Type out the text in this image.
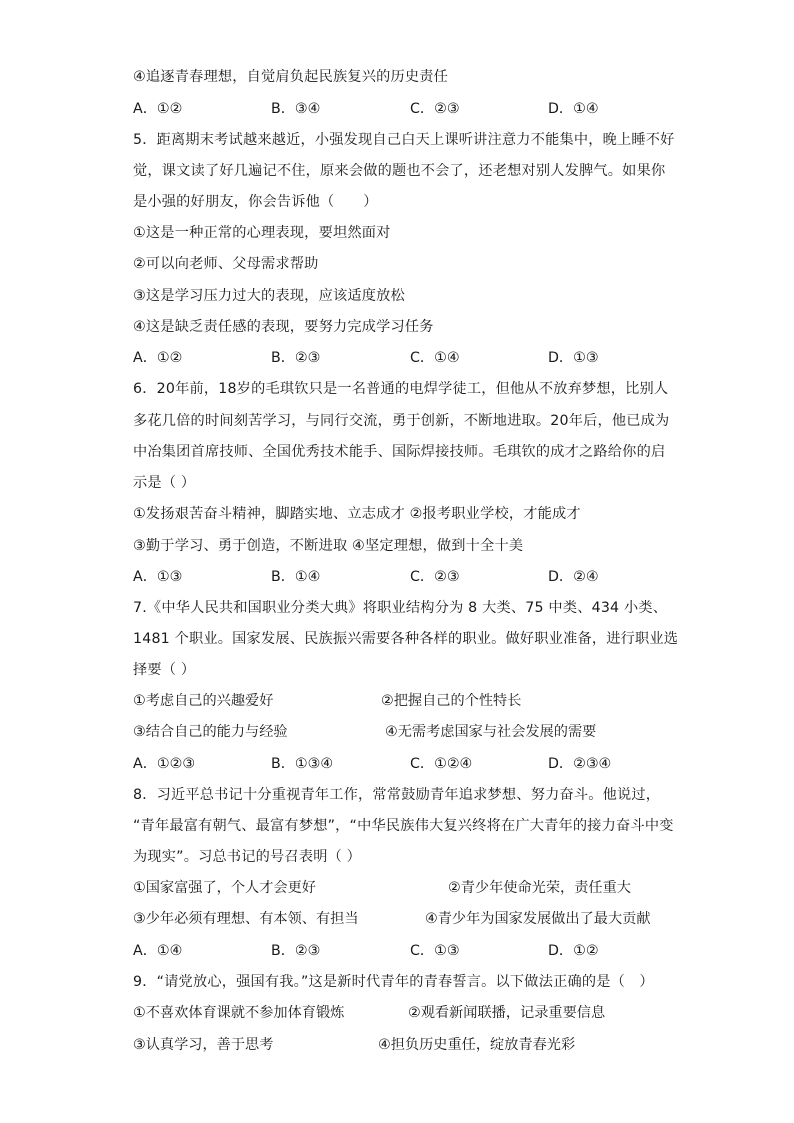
④追逐青春理想，自觉肩负起民族复兴的历史责任
A．①②	B．③④	C．②③	D．①④
5．距离期末考试越来越近，小强发现自己白天上课听讲注意力不能集中，晚上睡不好
觉，课文读了好几遍记不住，原来会做的题也不会了，还老想对别人发脾气。如果你
是小强的好朋友，你会告诉他（　　）
①这是一种正常的心理表现，要坦然面对
②可以向老师、父母需求帮助
③这是学习压力过大的表现，应该适度放松
④这是缺乏责任感的表现，要努力完成学习任务
A．①②	B．②③	C．①④	D．①③
6．20年前，18岁的毛琪钦只是一名普通的电焊学徒工，但他从不放弃梦想，比别人
多花几倍的时间刻苦学习，与同行交流，勇于创新，不断地进取。20年后，他已成为
中冶集团首席技师、全国优秀技术能手、国际焊接技师。毛琪钦的成才之路给你的启
示是（ ）
①发扬艰苦奋斗精神，脚踏实地、立志成才 ②报考职业学校，才能成才
③勤于学习、勇于创造，不断进取 ④坚定理想，做到十全十美
A．①③	B．①④	C．②③	D．②④
7.《中华人民共和国职业分类大典》将职业结构分为 8 大类、75 中类、434 小类、
1481 个职业。国家发展、民族振兴需要各种各样的职业。做好职业准备，进行职业选
择要（ ）
①考虑自己的兴趣爱好	②把握自己的个性特长
③结合自己的能力与经验	④无需考虑国家与社会发展的需要
A．①②③	B．①③④	C．①②④	D．②③④
8．习近平总书记十分重视青年工作，常常鼓励青年追求梦想、努力奋斗。他说过，
“青年最富有朝气、最富有梦想”，“中华民族伟大复兴终将在广大青年的接力奋斗中变
为现实”。习总书记的号召表明（ ）
①国家富强了，个人才会更好	②青少年使命光荣，责任重大
③少年必须有理想、有本领、有担当	④青少年为国家发展做出了最大贡献
A．①④	B．②③	C．①③	D．①②
9．“请党放心，强国有我。”这是新时代青年的青春誓言。以下做法正确的是（　）
①不喜欢体育课就不参加体育锻炼	②观看新闻联播，记录重要信息
③认真学习，善于思考	④担负历史重任，绽放青春光彩
